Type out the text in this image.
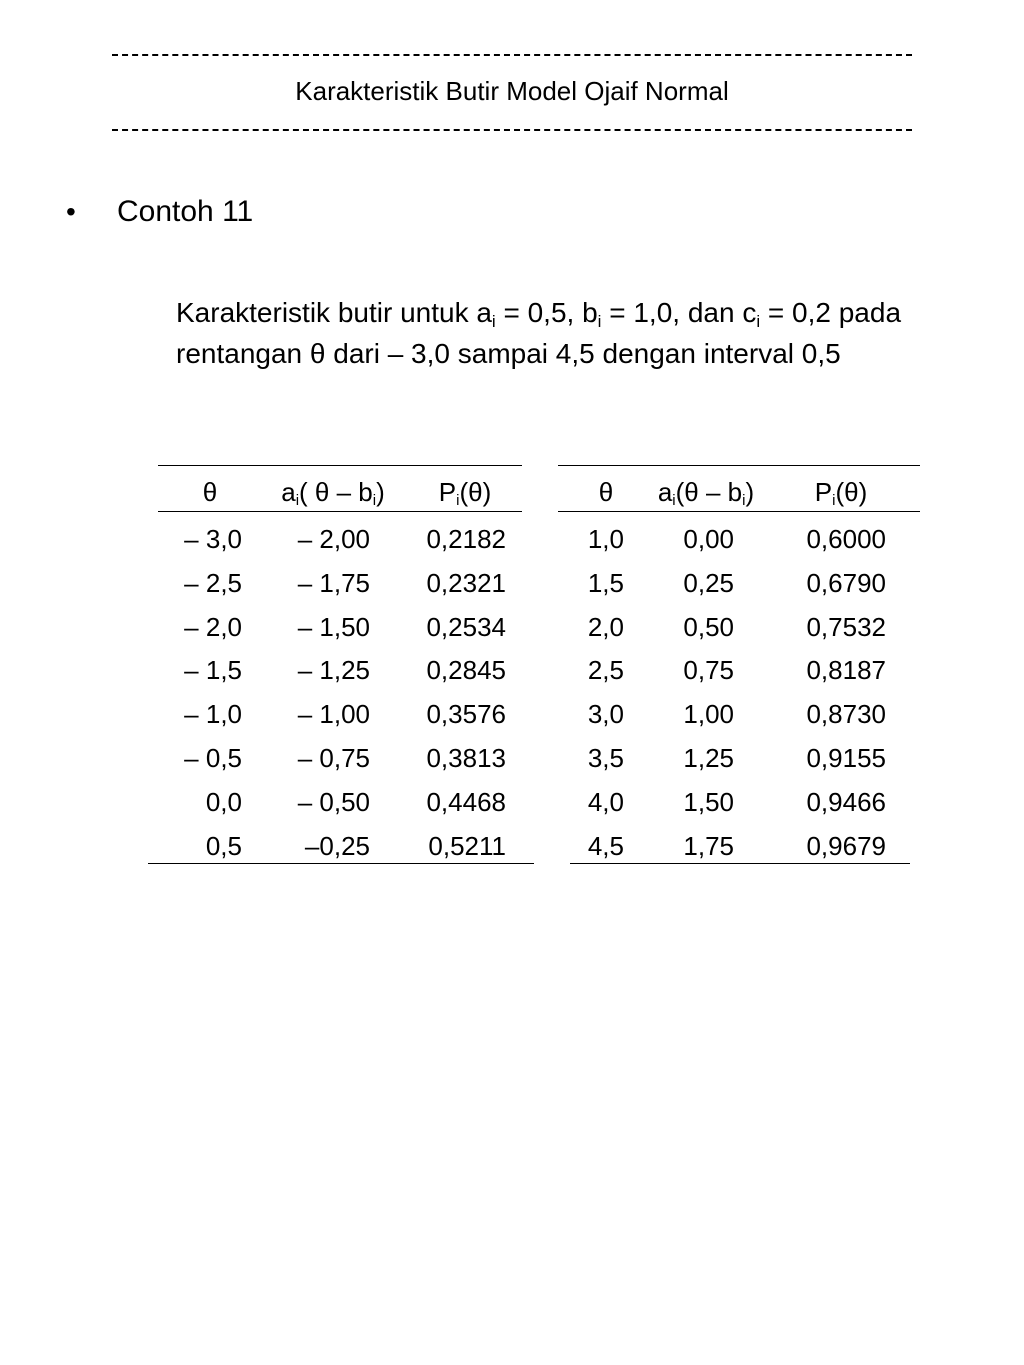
Karakteristik Butir Model Ojaif Normal
• Contoh 11
Karakteristik butir untuk $a_i = 0,5$, $b_i = 1,0$, dan $c_i = 0,2$ pada rentangan θ dari – 3,0 sampai 4,5 dengan interval 0,5
θ	$a_i$( θ – $b_i$)	$P_i(\theta)$
– 3,0	– 2,00	0,2182
– 2,5	– 1,75	0,2321
– 2,0	– 1,50	0,2534
– 1,5	– 1,25	0,2845
– 1,0	– 1,00	0,3576
– 0,5	– 0,75	0,3813
0,0	– 0,50	0,4468
0,5	–0,25	0,5211
θ	$a_i(\theta - b_i)$	$P_i(\theta)$
1,0	0,00	0,6000
1,5	0,25	0,6790
2,0	0,50	0,7532
2,5	0,75	0,8187
3,0	1,00	0,8730
3,5	1,25	0,9155
4,0	1,50	0,9466
4,5	1,75	0,9679
